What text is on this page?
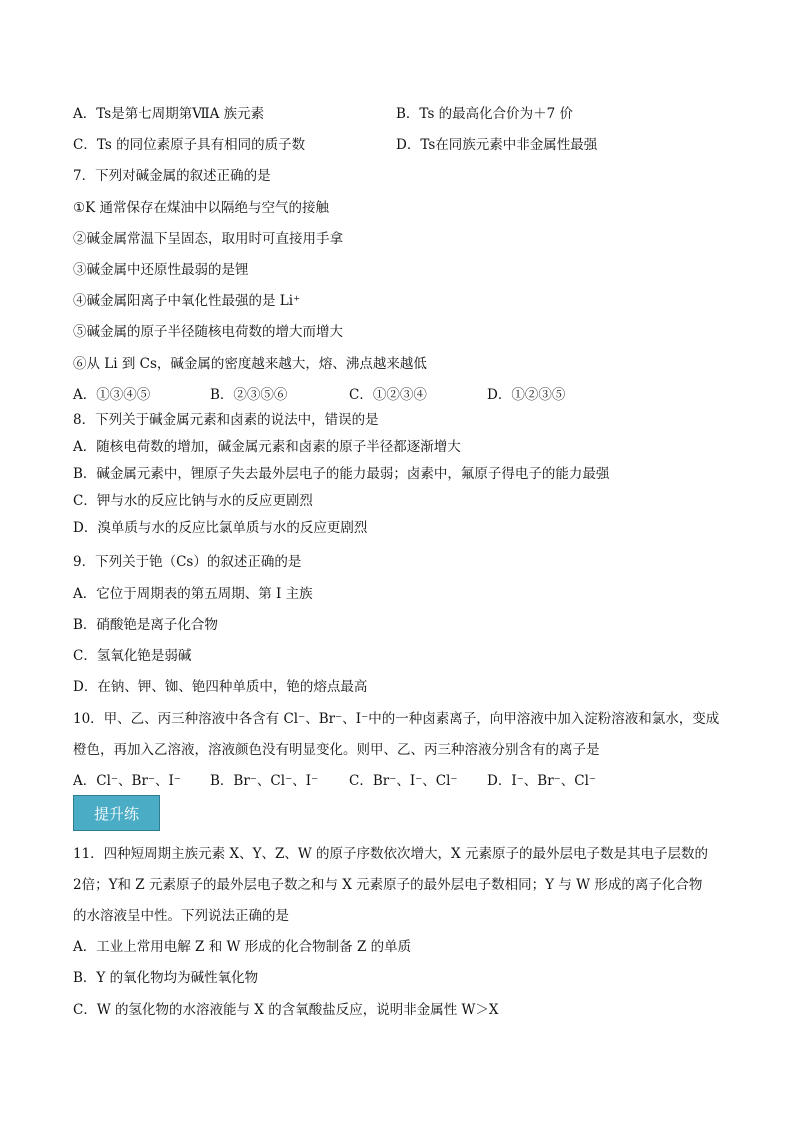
A．Ts是第七周期第ⅦA 族元素	B．Ts 的最高化合价为＋7 价
C．Ts 的同位素原子具有相同的质子数	D．Ts在同族元素中非金属性最强
7．下列对碱金属的叙述正确的是
①K 通常保存在煤油中以隔绝与空气的接触
②碱金属常温下呈固态，取用时可直接用手拿
③碱金属中还原性最弱的是锂
④碱金属阳离子中氧化性最强的是 Li⁺
⑤碱金属的原子半径随核电荷数的增大而增大
⑥从 Li 到 Cs，碱金属的密度越来越大，熔、沸点越来越低
A．①③④⑤	B．②③⑤⑥	C．①②③④	D．①②③⑤
8．下列关于碱金属元素和卤素的说法中，错误的是
A．随核电荷数的增加，碱金属元素和卤素的原子半径都逐渐增大
B．碱金属元素中，锂原子失去最外层电子的能力最弱；卤素中，氟原子得电子的能力最强
C．钾与水的反应比钠与水的反应更剧烈
D．溴单质与水的反应比氯单质与水的反应更剧烈
9．下列关于铯（Cs）的叙述正确的是
A．它位于周期表的第五周期、第 I 主族
B．硝酸铯是离子化合物
C．氢氧化铯是弱碱
D．在钠、钾、铷、铯四种单质中，铯的熔点最高
10．甲、乙、丙三种溶液中各含有 Cl⁻、Br⁻、I⁻中的一种卤素离子，向甲溶液中加入淀粉溶液和氯水，变成
橙色，再加入乙溶液，溶液颜色没有明显变化。则甲、乙、丙三种溶液分别含有的离子是
A．Cl⁻、Br⁻、I⁻ B．Br⁻、Cl⁻、I⁻ C．Br⁻、I⁻、Cl⁻ D．I⁻、Br⁻、Cl⁻
提升练
11．四种短周期主族元素 X、Y、Z、W 的原子序数依次增大，X 元素原子的最外层电子数是其电子层数的
2倍；Y和 Z 元素原子的最外层电子数之和与 X 元素原子的最外层电子数相同；Y 与 W 形成的离子化合物
的水溶液呈中性。下列说法正确的是
A．工业上常用电解 Z 和 W 形成的化合物制备 Z 的单质
B．Y 的氧化物均为碱性氧化物
C．W 的氢化物的水溶液能与 X 的含氧酸盐反应，说明非金属性 W＞X
